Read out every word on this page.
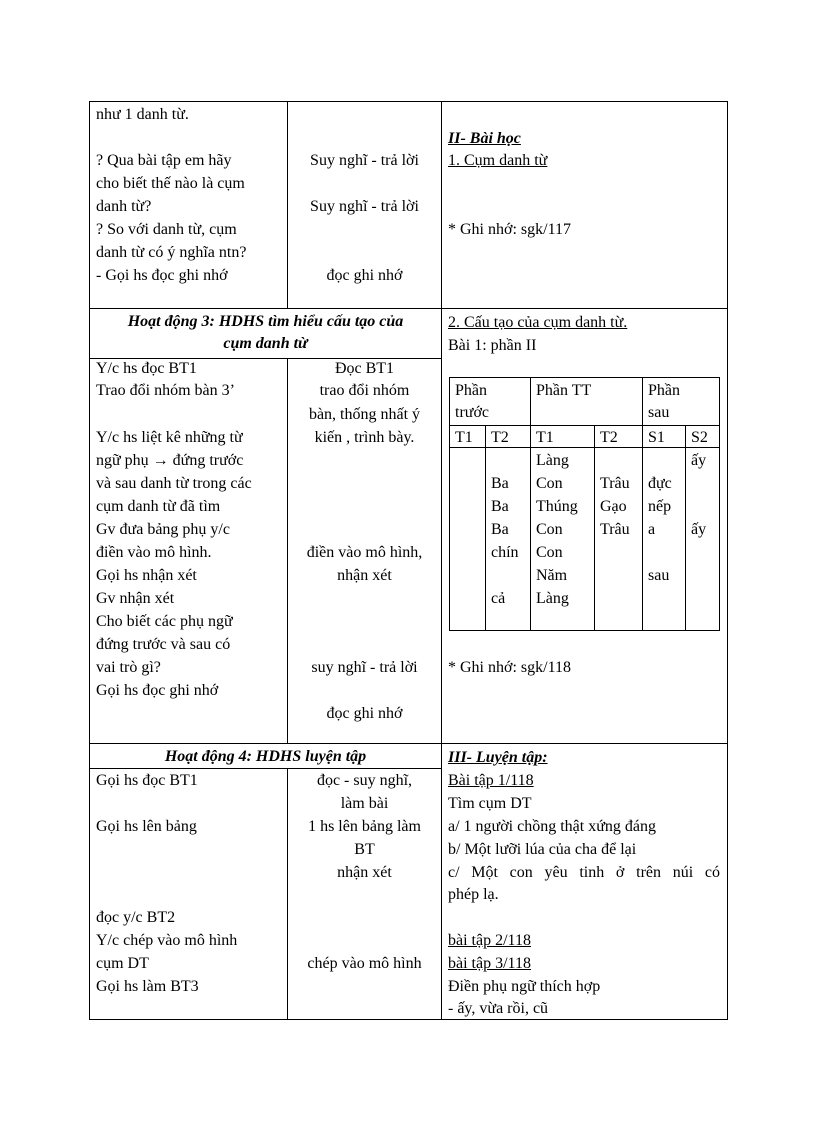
như 1 danh từ.
? Qua bài tập em hãy
cho biết thế nào là cụm
danh từ?
? So với danh từ, cụm
danh từ có ý nghĩa ntn?
- Gọi hs đọc ghi nhớ
Suy nghĩ - trả lời
Suy nghĩ - trả lời
đọc ghi nhớ
II- Bài học
1. Cụm danh từ
* Ghi nhớ: sgk/117
Hoạt động 3: HDHS tìm hiểu cấu tạo của
cụm danh từ
Y/c hs đọc BT1
Trao đổi nhóm bàn 3’
Y/c hs liệt kê những từ
ngữ phụ → đứng trước
và sau danh từ trong các
cụm danh từ đã tìm
Gv đưa bảng phụ y/c
điền vào mô hình.
Gọi hs nhận xét
Gv nhận xét
Cho biết các phụ ngữ
đứng trước và sau có
vai trò gì?
Gọi hs đọc ghi nhớ
Đọc BT1
trao đổi nhóm
bàn, thống nhất ý
kiến , trình bày.
điền vào mô hình,
nhận xét
suy nghĩ - trả lời
đọc ghi nhớ
2. Cấu tạo của cụm danh từ.
Bài 1: phần II
* Ghi nhớ: sgk/118
Phần trước
Phần TT	Phần sau
T1 T2 T1	T2 S1 S2
Ba
Ba
Ba
chín
cả
Làng
Con
Thúng
Con
Con
Năm
Làng
Trâu
Gạo
Trâu
đực
nếp
a
sau
ấy
ấy
Hoạt động 4: HDHS luyện tập
Gọi hs đọc BT1
Gọi hs lên bảng
đọc y/c BT2
Y/c chép vào mô hình
cụm DT
Gọi hs làm BT3
đọc - suy nghĩ,
làm bài
1 hs lên bảng làm
BT
nhận xét
chép vào mô hình
III- Luyện tập:
Bài tập 1/118
Tìm cụm DT
a/ 1 người chồng thật xứng đáng
b/ Một lưỡi lúa của cha để lại
c/ Một con yêu tinh ở trên núi có
phép lạ.
bài tập 2/118
bài tập 3/118
Điền phụ ngữ thích hợp
- ấy, vừa rồi, cũ
